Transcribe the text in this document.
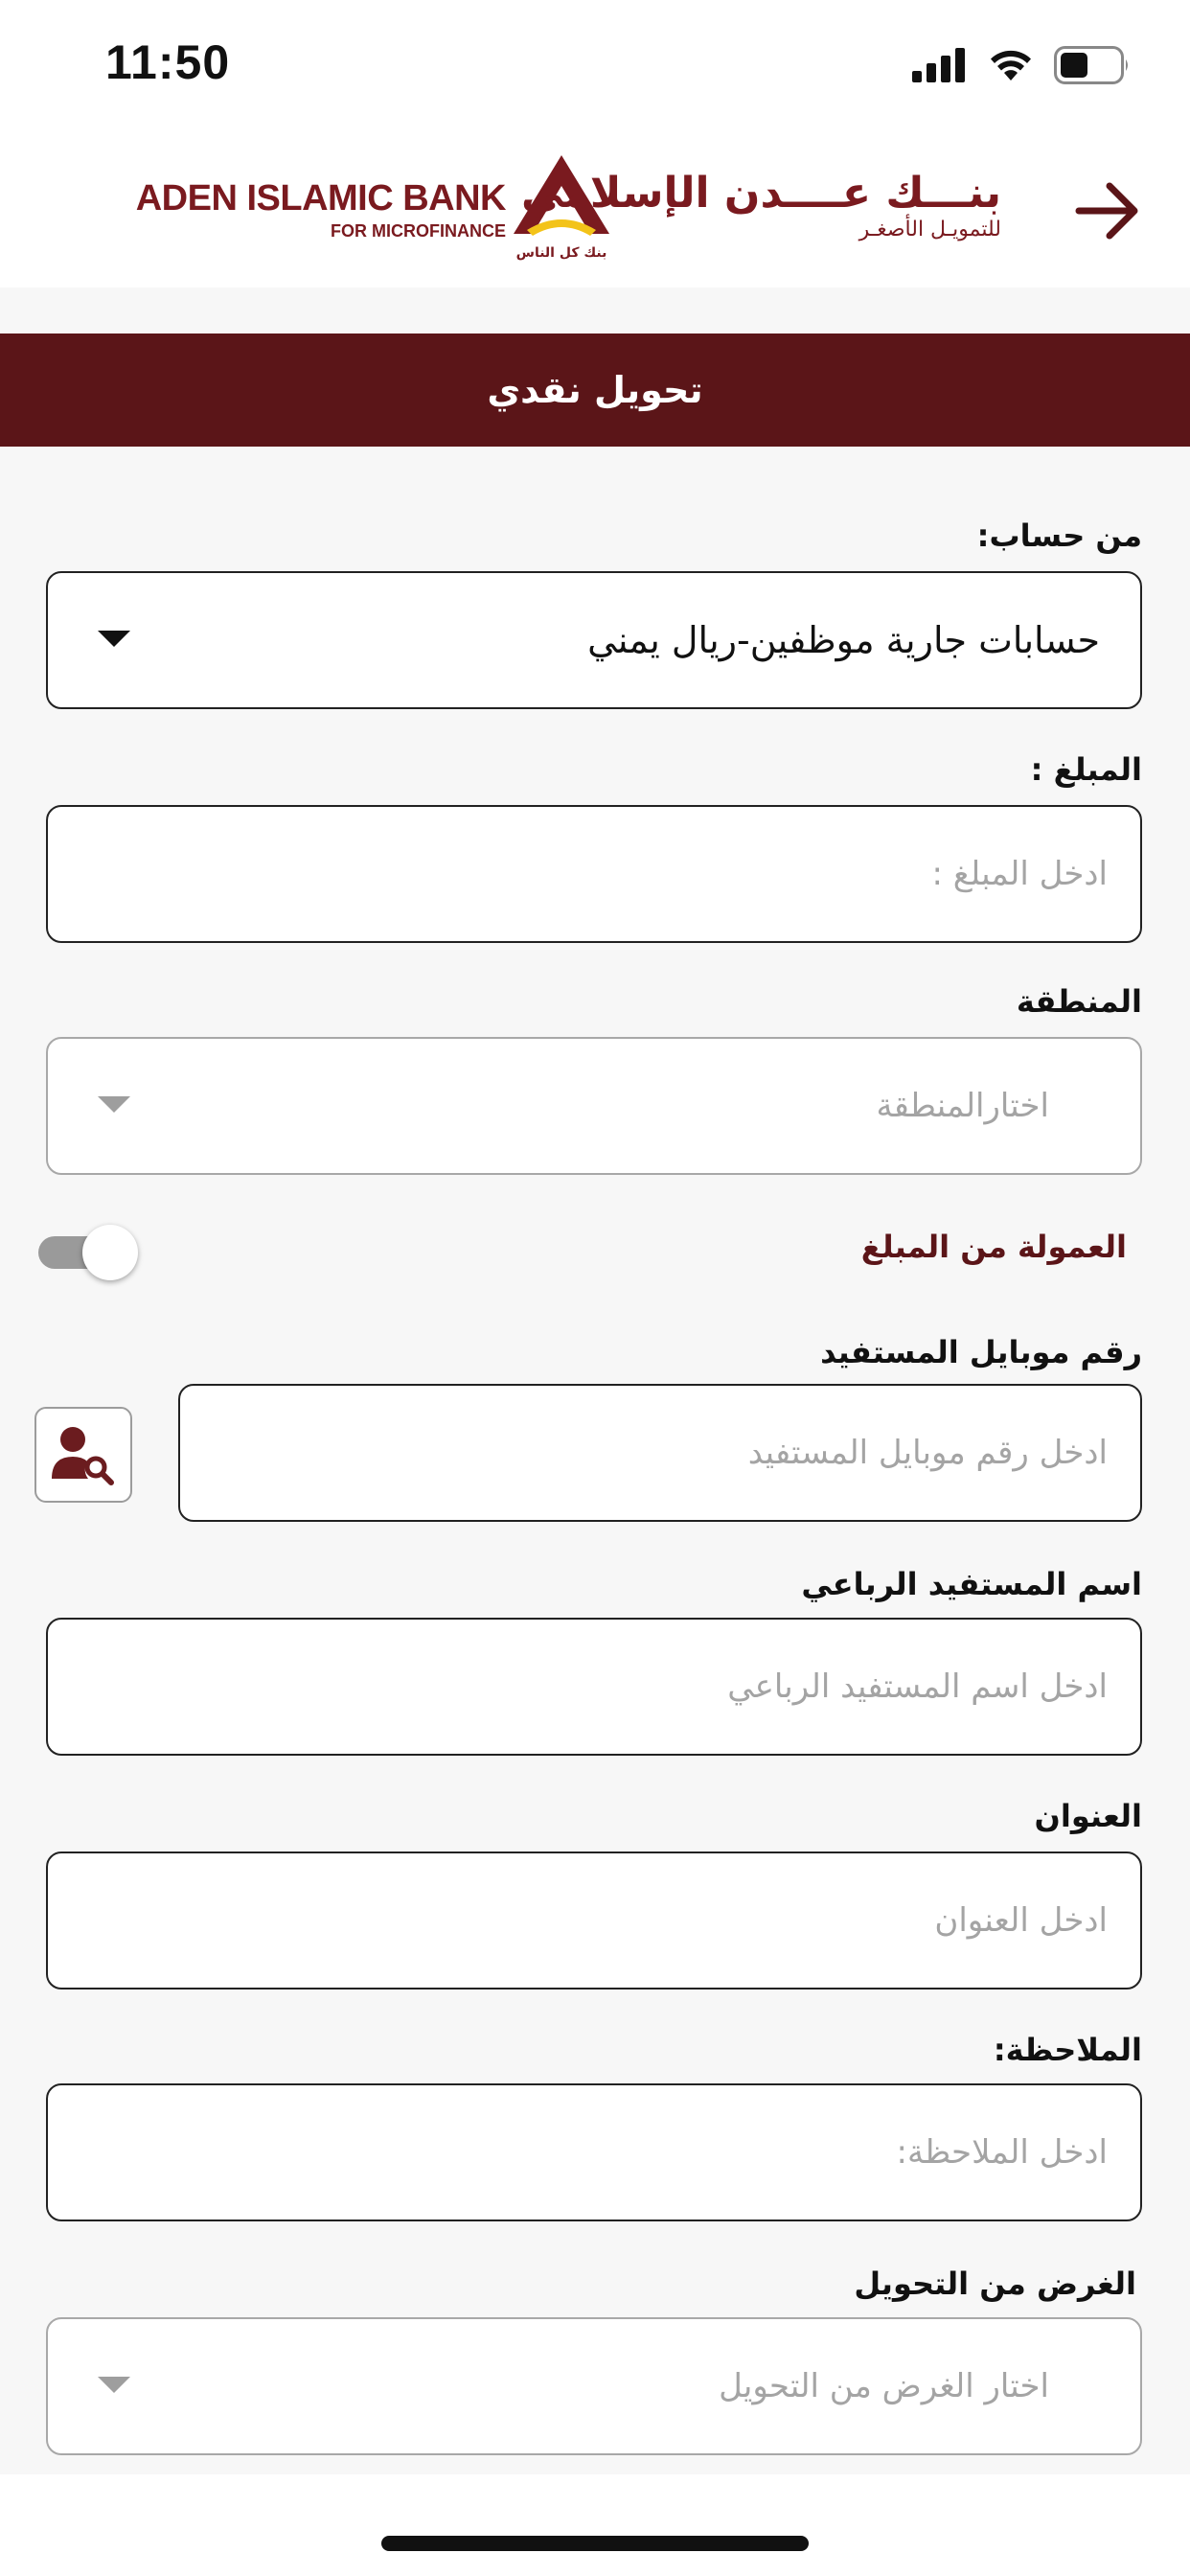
11:50
ADEN ISLAMIC BANK
FOR MICROFINANCE
بنك كل الناس
بنـــك عــــدن الإسلامي
للتمويـل الأصغـر
تحويل نقدي
من حساب:
حسابات جارية موظفين-ريال يمني
المبلغ :
ادخل المبلغ :
المنطقة
اختارالمنطقة
العمولة من المبلغ
رقم موبايل المستفيد
ادخل رقم موبايل المستفيد
اسم المستفيد الرباعي
ادخل اسم المستفيد الرباعي
العنوان
ادخل العنوان
الملاحظة:
ادخل الملاحظة:
الغرض من التحويل
اختار الغرض من التحويل
